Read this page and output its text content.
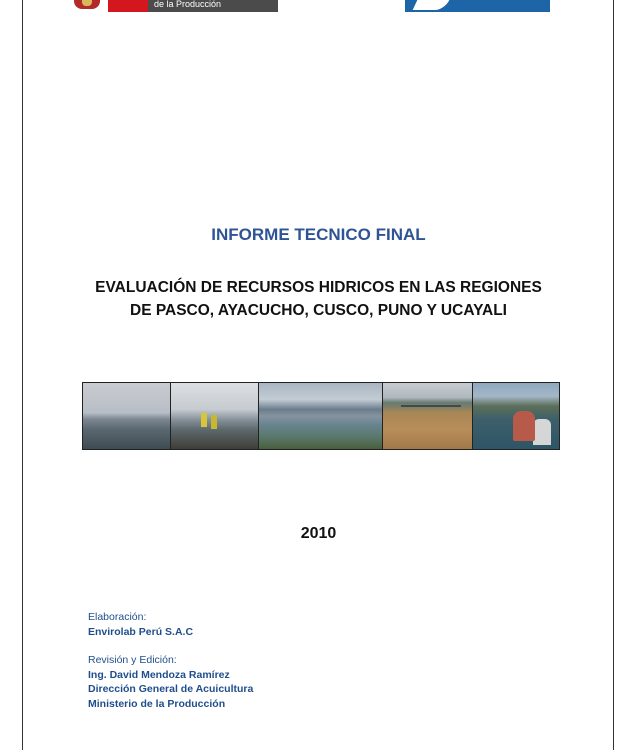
de la Producción
INFORME TECNICO FINAL
EVALUACIÓN DE RECURSOS HIDRICOS EN LAS REGIONES
DE PASCO, AYACUCHO, CUSCO, PUNO Y UCAYALI
2010
Elaboración:
Envirolab Perú S.A.C
Revisión y Edición:
Ing. David Mendoza Ramírez
Dirección General de Acuicultura
Ministerio de la Producción
